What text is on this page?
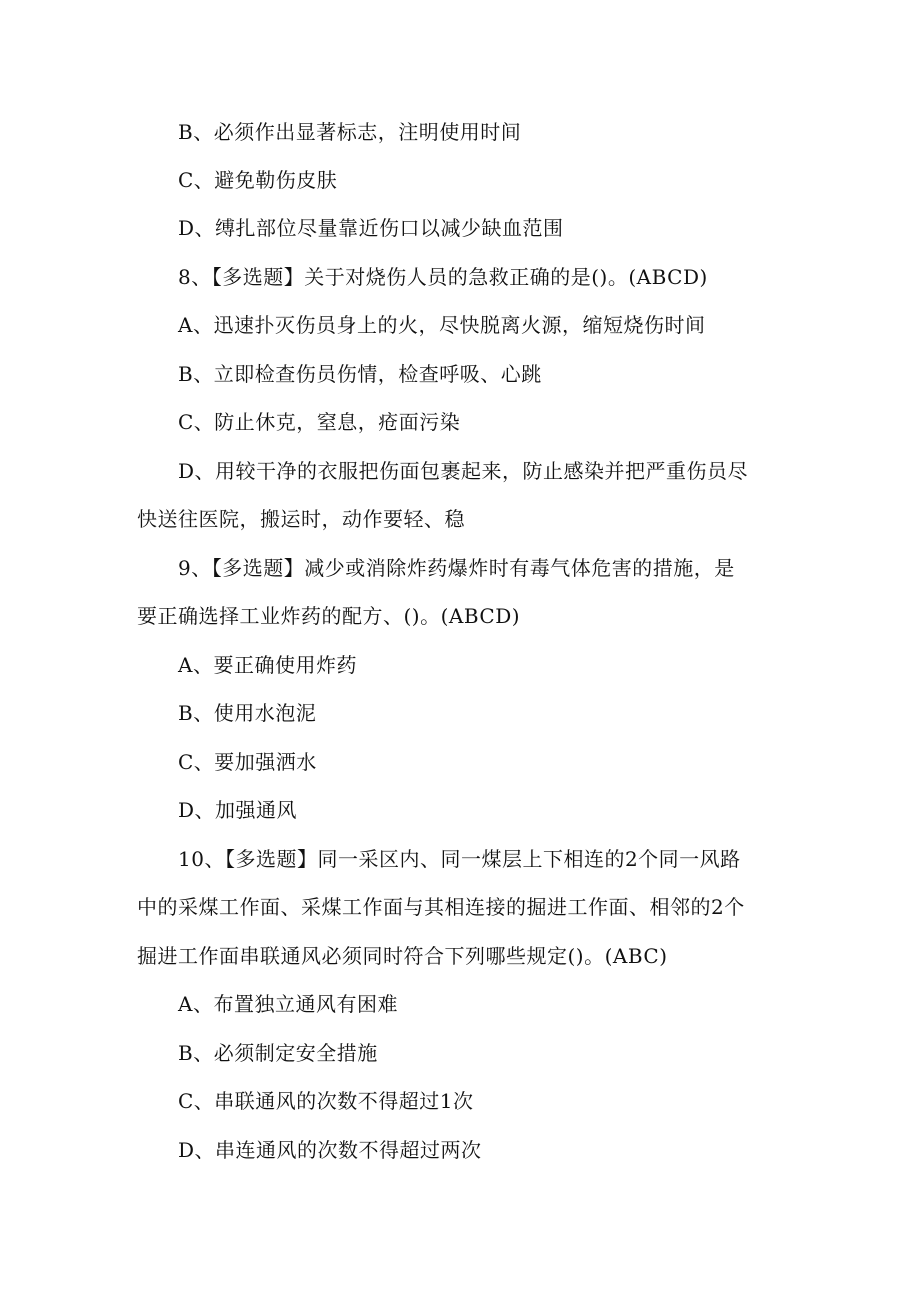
B、必须作出显著标志，注明使用时间
C、避免勒伤皮肤
D、缚扎部位尽量靠近伤口以减少缺血范围
8、【多选题】关于对烧伤人员的急救正确的是()。(ABCD)
A、迅速扑灭伤员身上的火，尽快脱离火源，缩短烧伤时间
B、立即检查伤员伤情，检查呼吸、心跳
C、防止休克，窒息，疮面污染
D、用较干净的衣服把伤面包裹起来，防止感染并把严重伤员尽
快送往医院，搬运时，动作要轻、稳
9、【多选题】减少或消除炸药爆炸时有毒气体危害的措施，是
要正确选择工业炸药的配方、()。(ABCD)
A、要正确使用炸药
B、使用水泡泥
C、要加强洒水
D、加强通风
10、【多选题】同一采区内、同一煤层上下相连的2个同一风路
中的采煤工作面、采煤工作面与其相连接的掘进工作面、相邻的2个
掘进工作面串联通风必须同时符合下列哪些规定()。(ABC)
A、布置独立通风有困难
B、必须制定安全措施
C、串联通风的次数不得超过1次
D、串连通风的次数不得超过两次
